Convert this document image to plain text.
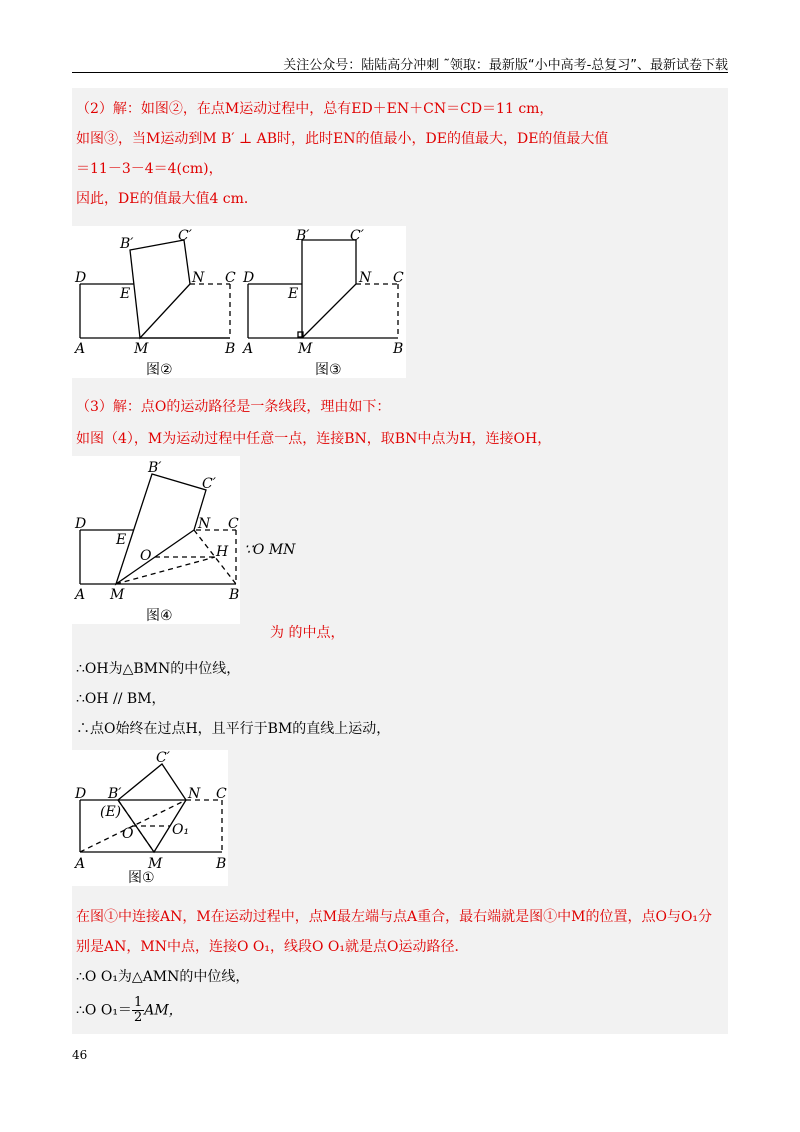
关注公众号：陆陆高分冲刺 ˜领取：最新版“小中高考-总复习”、最新试卷下载
（2）解：如图②，在点M运动过程中，总有ED＋EN＋CN＝CD＝11 cm，
如图③，当M运动到M B′ ⊥ AB时，此时EN的值最小，DE的值最大，DE的值最大值
＝11－3－4＝4(cm)，
因此，DE的值最大值4 cm．
D
A	M	B
C
N
E
B′	C′
图②
D
A	M	B
C
N
E
B′	C′
图③
（3）解：点O的运动路径是一条线段，理由如下：
如图（4），M为运动过程中任意一点，连接BN，取BN中点为H，连接OH，
D
A M	B
C
N
E
O	H
B′
C′
图④
∵O MN
为 的中点，
∴OH为△BMN的中位线，
∴OH // BM，
∴点O始终在过点H，且平行于BM的直线上运动，
D
A	M	B
C
N
(E)
O	O₁
B′
C′
图①
在图①中连接AN，M在运动过程中，点M最左端与点A重合，最右端就是图①中M的位置，点O与O₁分
别是AN，MN中点，连接O O₁，线段O O₁就是点O运动路径．
∴O O₁为△AMN的中位线，
∴O $O_1= \frac{1}{2}$ AM，
46
